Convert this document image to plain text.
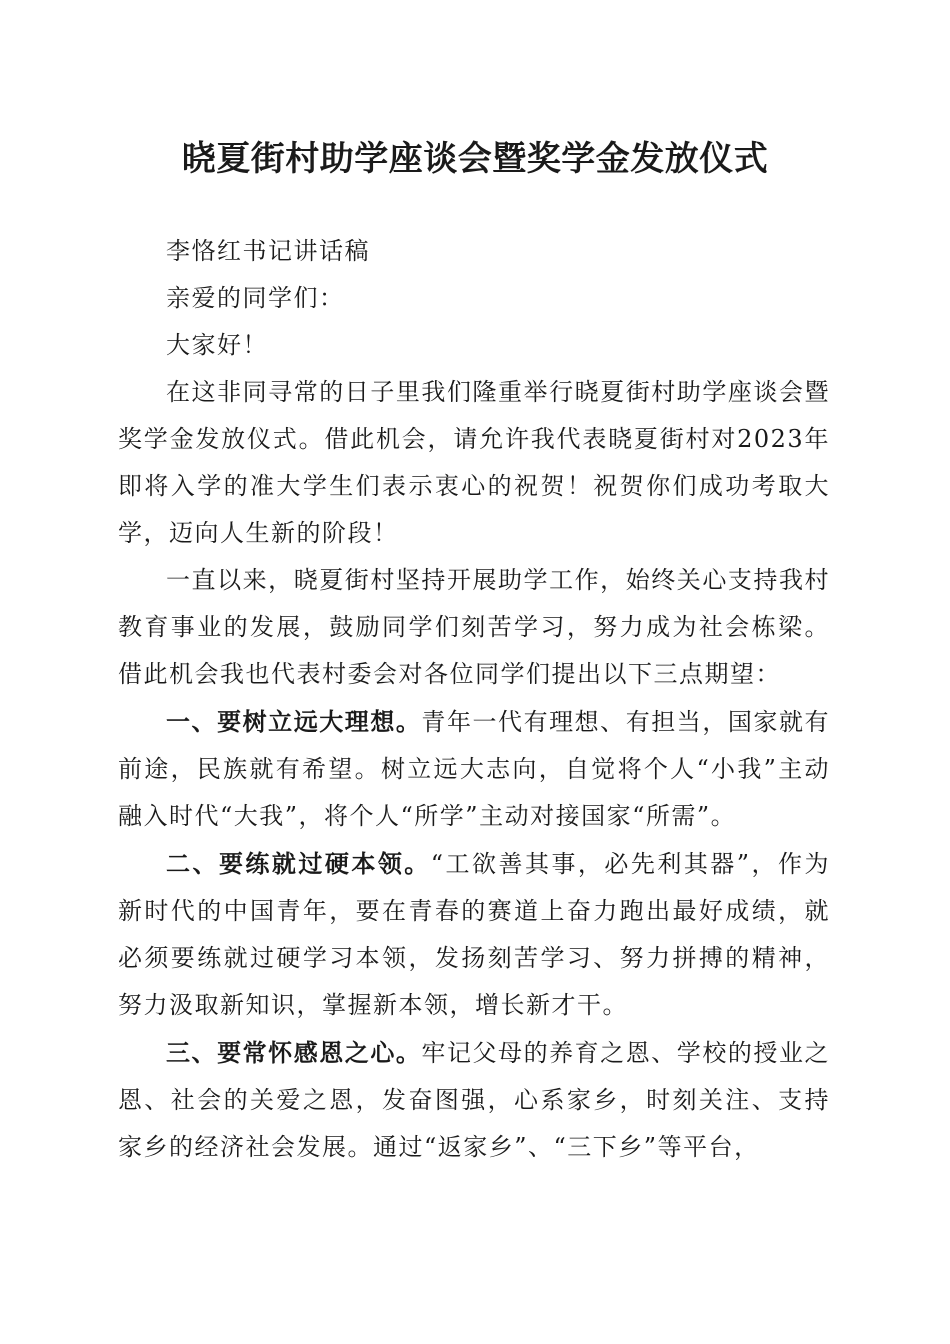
晓夏街村助学座谈会暨奖学金发放仪式

李恪红书记讲话稿

亲爱的同学们：

大家好！

在这非同寻常的日子里我们隆重举行晓夏街村助学座谈会暨奖学金发放仪式。借此机会，请允许我代表晓夏街村对2023年即将入学的准大学生们表示衷心的祝贺！祝贺你们成功考取大学，迈向人生新的阶段！

一直以来，晓夏街村坚持开展助学工作，始终关心支持我村教育事业的发展，鼓励同学们刻苦学习，努力成为社会栋梁。借此机会我也代表村委会对各位同学们提出以下三点期望：

一、要树立远大理想。青年一代有理想、有担当，国家就有前途，民族就有希望。树立远大志向，自觉将个人“小我”主动融入时代“大我”，将个人“所学”主动对接国家“所需”。

二、要练就过硬本领。“工欲善其事，必先利其器”，作为新时代的中国青年，要在青春的赛道上奋力跑出最好成绩，就必须要练就过硬学习本领，发扬刻苦学习、努力拼搏的精神，努力汲取新知识，掌握新本领，增长新才干。

三、要常怀感恩之心。牢记父母的养育之恩、学校的授业之恩、社会的关爱之恩，发奋图强，心系家乡，时刻关注、支持家乡的经济社会发展。通过“返家乡”、“三下乡”等平台，
